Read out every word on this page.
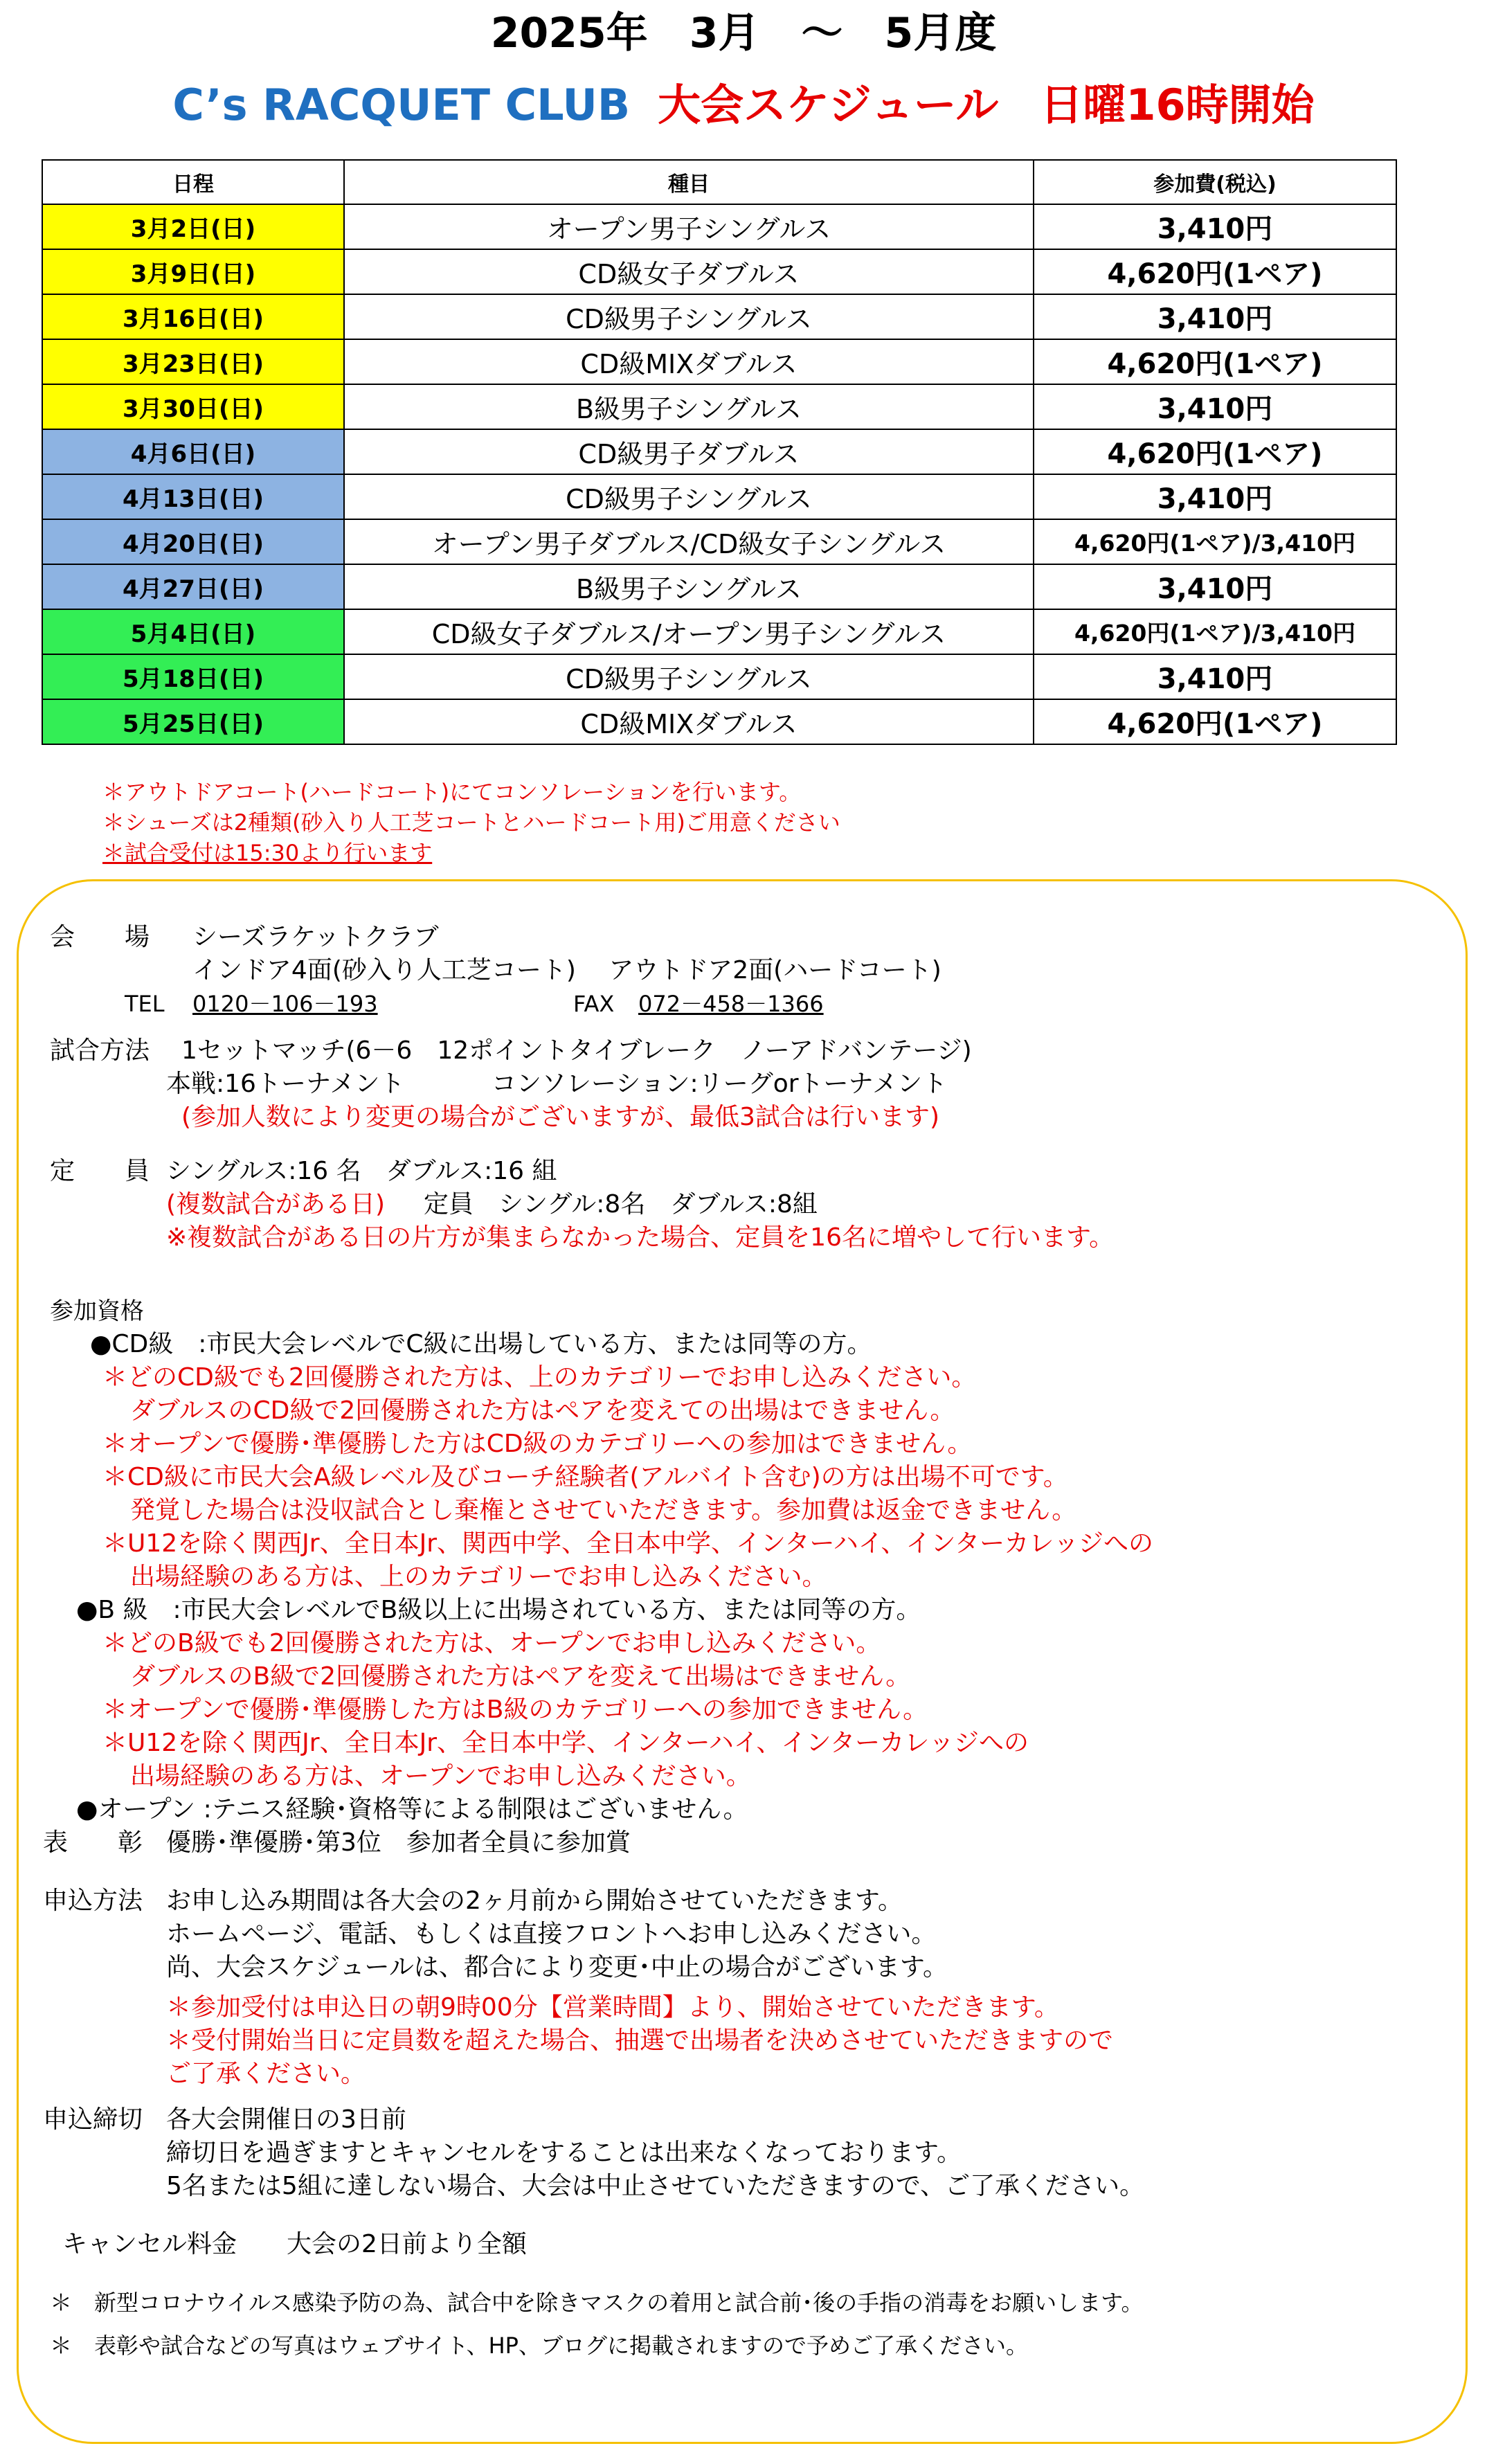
2025年　3月　～　5月度
C’s RACQUET CLUB 大会スケジュール 日曜16時開始
日程	種目	参加費(税込)
3月2日(日)	オープン男子シングルス	3,410円
3月9日(日)	CD級女子ダブルス	4,620円(1ペア)
3月16日(日)	CD級男子シングルス	3,410円
3月23日(日)	CD級MIXダブルス	4,620円(1ペア)
3月30日(日)	B級男子シングルス	3,410円
4月6日(日)	CD級男子ダブルス	4,620円(1ペア)
4月13日(日)	CD級男子シングルス	3,410円
4月20日(日)	オープン男子ダブルス/CD級女子シングルス	4,620円(1ペア)/3,410円
4月27日(日)	B級男子シングルス	3,410円
5月4日(日)	CD級女子ダブルス/オープン男子シングルス	4,620円(1ペア)/3,410円
5月18日(日)	CD級男子シングルス	3,410円
5月25日(日)	CD級MIXダブルス	4,620円(1ペア)
＊アウトドアコート(ハードコート)にてコンソレーションを行います。
＊シューズは2種類(砂入り人工芝コートとハードコート用)ご用意ください
＊試合受付は15:30より行います
会　　場 シーズラケットクラブ
インドア4面(砂入り人工芝コート)　 アウトドア2面(ハードコート)
TEL 0120－106－193	FAX 072－458－1366
試合方法 1セットマッチ(6－6　12ポイントタイブレーク　ノーアドバンテージ)
本戦:16トーナメント	コンソレーション:リーグorトーナメント
(参加人数により変更の場合がございますが、最低3試合は行います)
定　　員 シングルス:16 名　ダブルス:16 組
(複数試合がある日) 定員　シングル:8名　ダブルス:8組
※複数試合がある日の片方が集まらなかった場合、定員を16名に増やして行います。
参加資格
●CD級　:市民大会レベルでC級に出場している方、または同等の方。
＊どのCD級でも2回優勝された方は、上のカテゴリーでお申し込みください。
ダブルスのCD級で2回優勝された方はペアを変えての出場はできません。
＊オープンで優勝･準優勝した方はCD級のカテゴリーへの参加はできません。
＊CD級に市民大会A級レベル及びコーチ経験者(アルバイト含む)の方は出場不可です。
発覚した場合は没収試合とし棄権とさせていただきます。参加費は返金できません。
＊U12を除く関西Jr、全日本Jr、関西中学、全日本中学、インターハイ、インターカレッジへの
出場経験のある方は、上のカテゴリーでお申し込みください。
●B 級　:市民大会レベルでB級以上に出場されている方、または同等の方。
＊どのB級でも2回優勝された方は、オープンでお申し込みください。
ダブルスのB級で2回優勝された方はペアを変えて出場はできません。
＊オープンで優勝･準優勝した方はB級のカテゴリーへの参加できません。
＊U12を除く関西Jr、全日本Jr、全日本中学、インターハイ、インターカレッジへの
出場経験のある方は、オープンでお申し込みください。
●オープン :テニス経験･資格等による制限はございません。
表　　彰 優勝･準優勝･第3位　参加者全員に参加賞
申込方法 お申し込み期間は各大会の2ヶ月前から開始させていただきます。
ホームページ、電話、もしくは直接フロントへお申し込みください。
尚、大会スケジュールは、都合により変更･中止の場合がございます。
＊参加受付は申込日の朝9時00分【営業時間】より、開始させていただきます。
＊受付開始当日に定員数を超えた場合、抽選で出場者を決めさせていただきますので
ご了承ください。
申込締切 各大会開催日の3日前
締切日を過ぎますとキャンセルをすることは出来なくなっております。
5名または5組に達しない場合、大会は中止させていただきますので、ご了承ください。
キャンセル料金　　大会の2日前より全額
＊　新型コロナウイルス感染予防の為、試合中を除きマスクの着用と試合前･後の手指の消毒をお願いします。
＊　表彰や試合などの写真はウェブサイト、HP、ブログに掲載されますので予めご了承ください。
